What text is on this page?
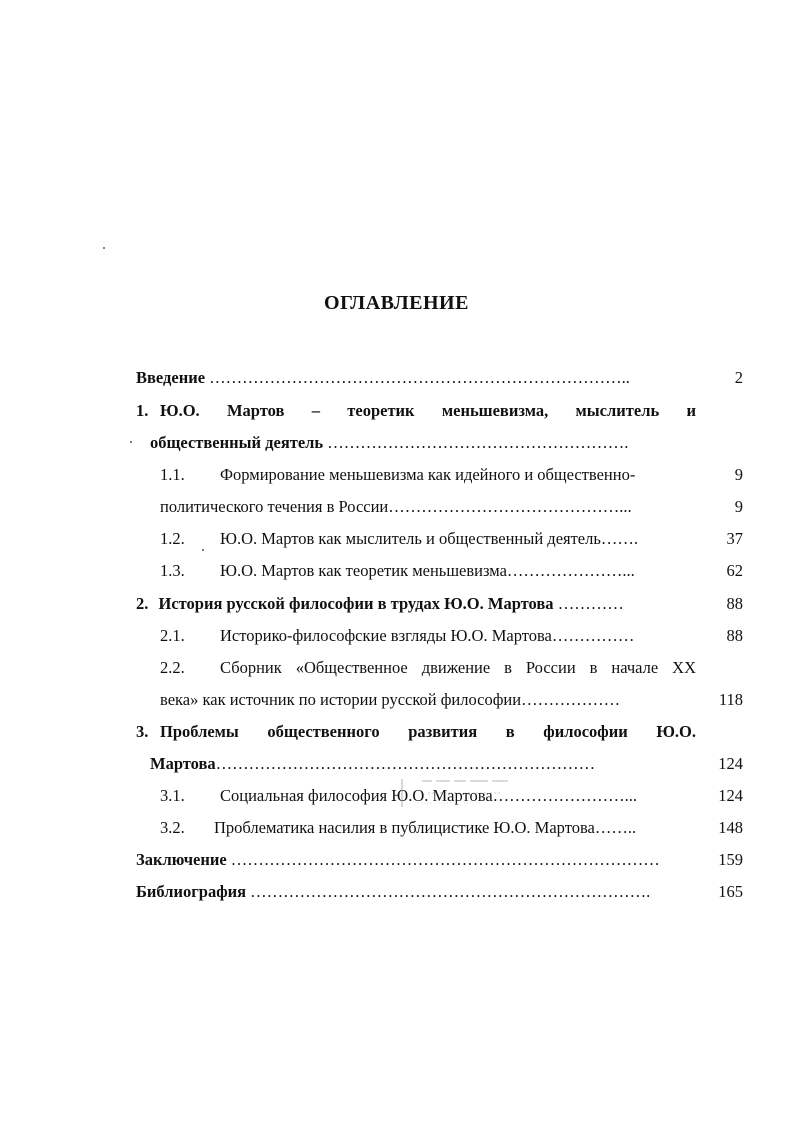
ОГЛАВЛЕНИЕ
Введение …………………………………………………………………..	2
1. Ю.О. Мартов – теоретик меньшевизма, мыслитель и
общественный деятель ……………………………………………….
1.1.	Формирование меньшевизма как идейного и общественно-	9
политического течения в России……………………………………...	9
1.2.	Ю.О. Мартов как мыслитель и общественный деятель…….	37
1.3.	Ю.О. Мартов как теоретик меньшевизма…………………...	62
2. История русской философии в трудах Ю.О. Мартова …………	88
2.1.	Историко-философские взгляды Ю.О. Мартова……………	88
2.2.	Сборник «Общественное движение в России в начале XX
века» как источник по истории русской философии………………	118
3. Проблемы общественного развития в философии Ю.О.
Мартова……………………………………………………………	124
3.1.	Социальная философия Ю.О. Мартова……………………...	124
3.2.	Проблематика насилия в публицистике Ю.О. Мартова……..	148
Заключение ……………………………………………………………………	159
Библиография ……………………………………………………………….	165
